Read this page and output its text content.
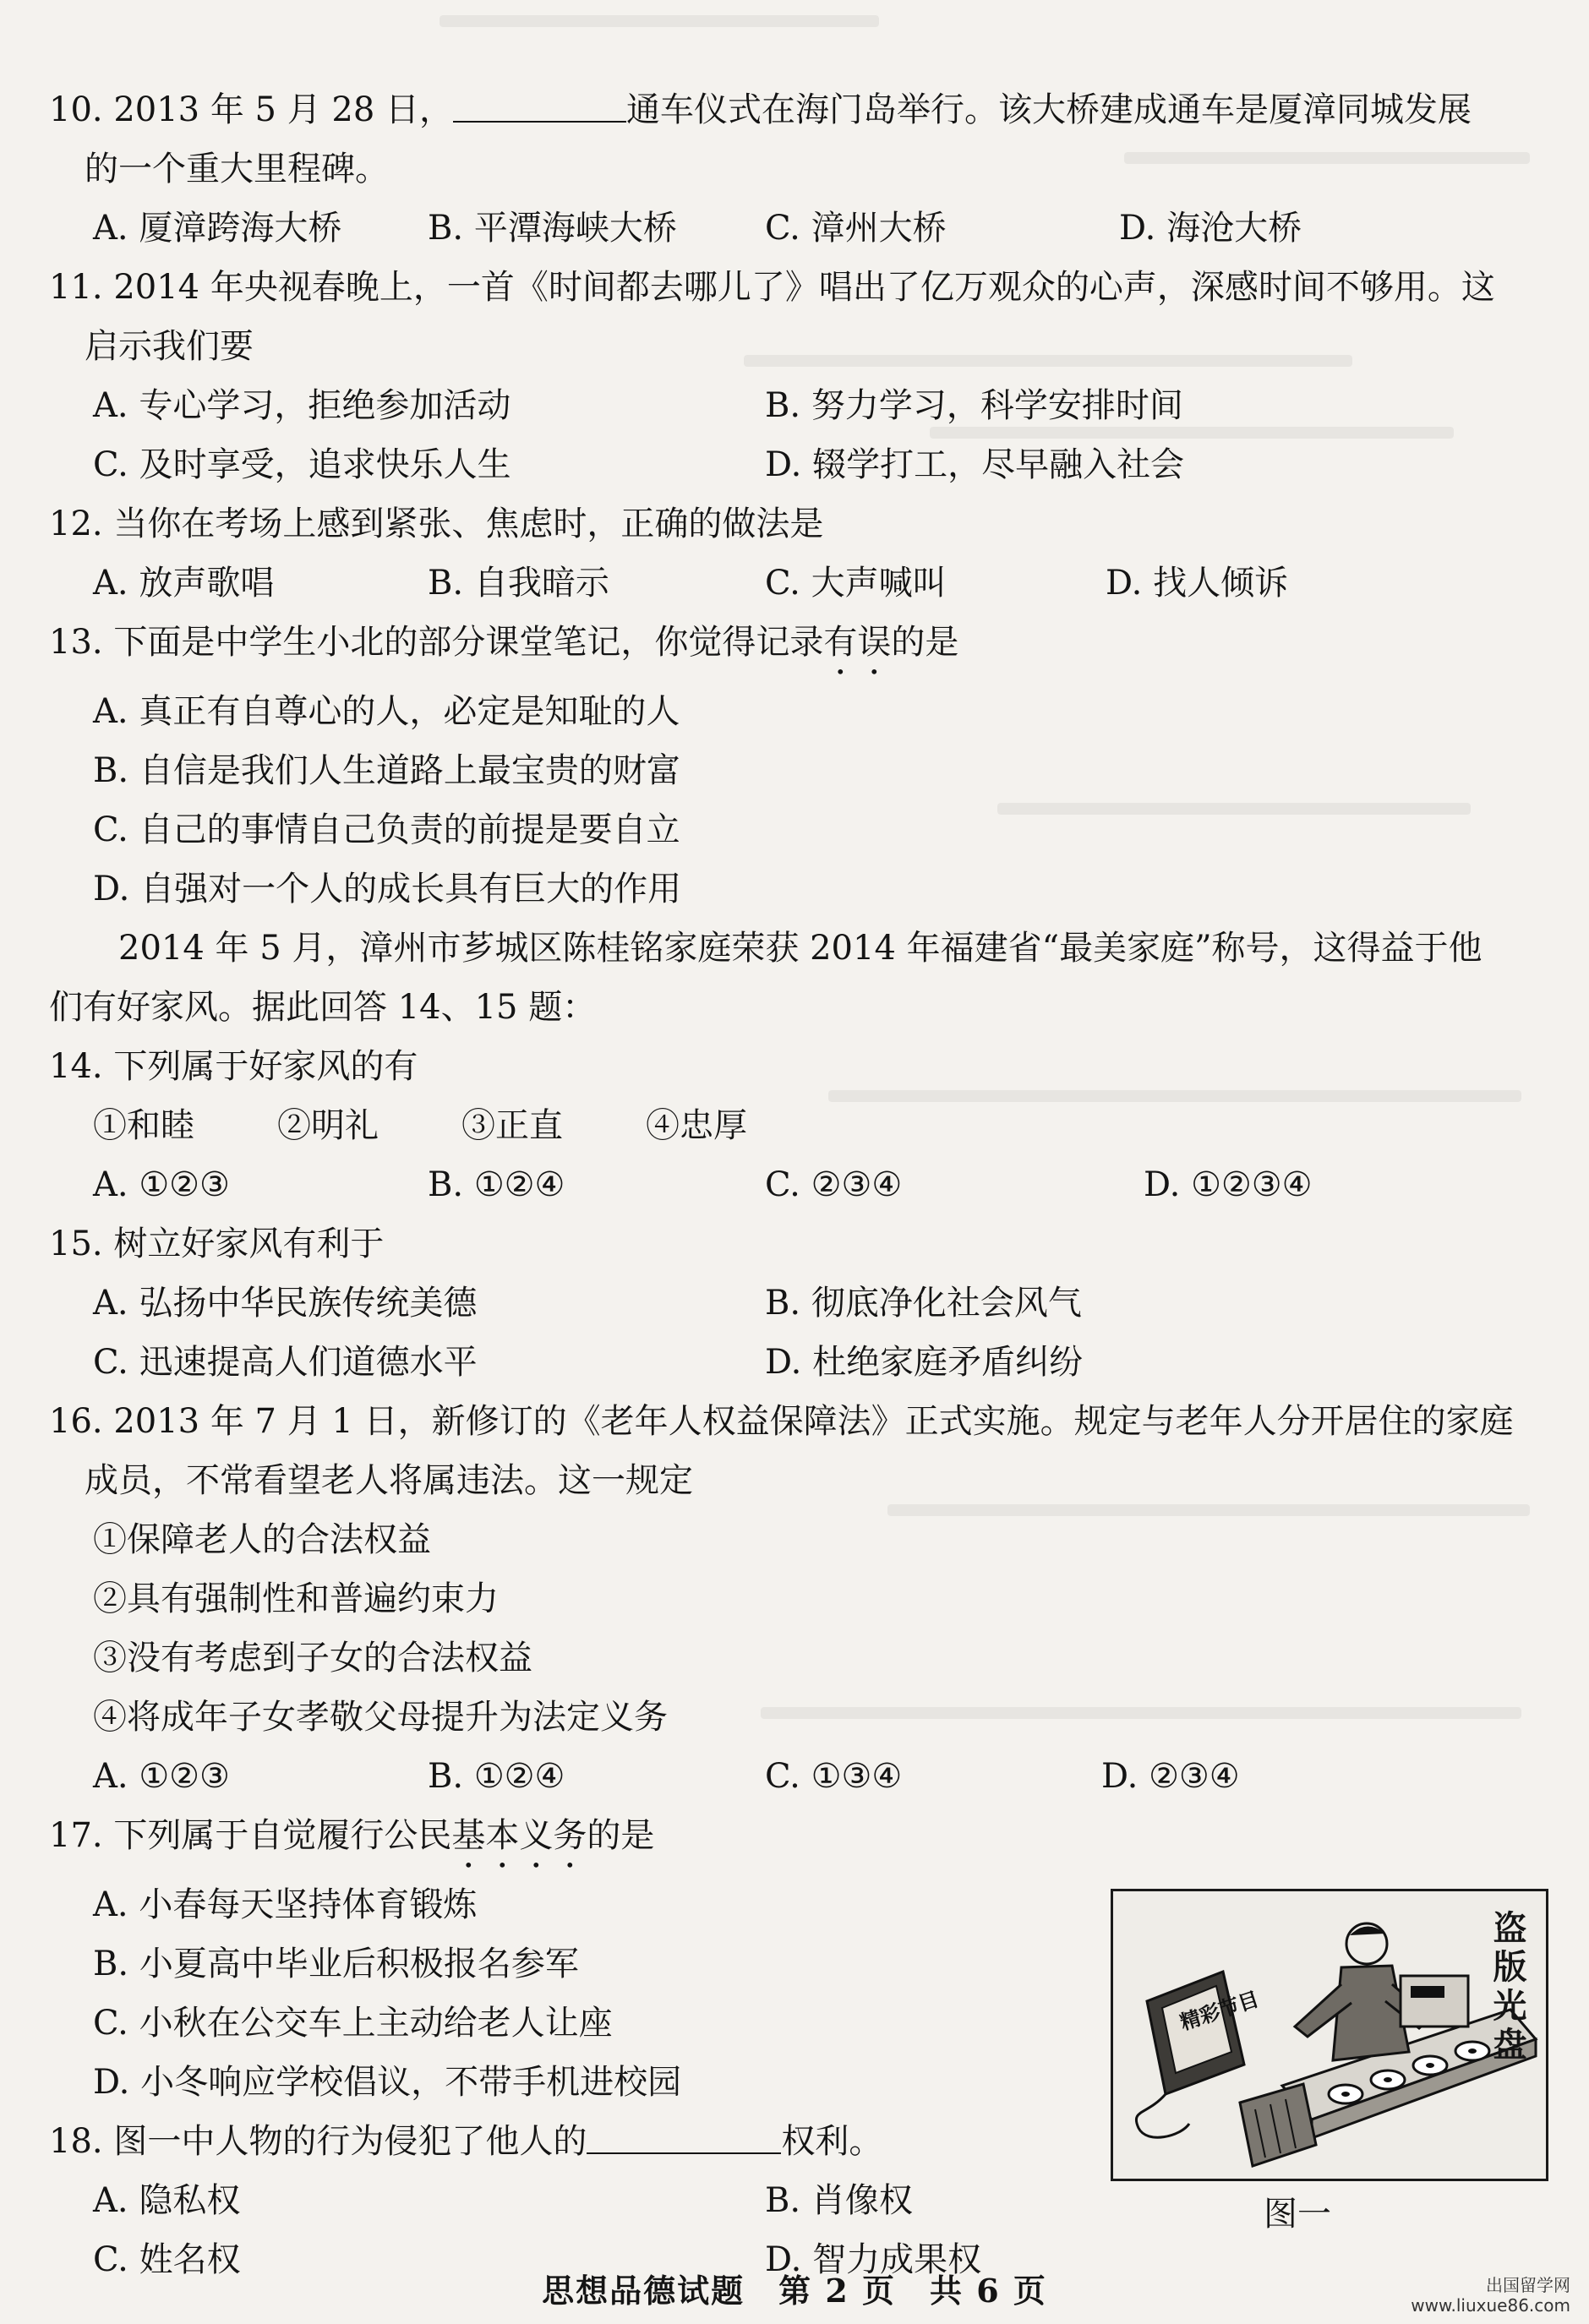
10. 2013 年 5 月 28 日，	通车仪式在海门岛举行。该大桥建成通车是厦漳同城发展

的一个重大里程碑。

A. 厦漳跨海大桥	B. 平潭海峡大桥	C. 漳州大桥	D. 海沧大桥

11. 2014 年央视春晚上，一首《时间都去哪儿了》唱出了亿万观众的心声，深感时间不够用。这

启示我们要

A. 专心学习，拒绝参加活动	B. 努力学习，科学安排时间
C. 及时享受，追求快乐人生	D. 辍学打工，尽早融入社会

12. 当你在考场上感到紧张、焦虑时，正确的做法是

A. 放声歌唱	B. 自我暗示	C. 大声喊叫	D. 找人倾诉

13. 下面是中学生小北的部分课堂笔记，你觉得记录有误的是

A. 真正有自尊心的人，必定是知耻的人
B. 自信是我们人生道路上最宝贵的财富
C. 自己的事情自己负责的前提是要自立
D. 自强对一个人的成长具有巨大的作用

2014 年 5 月，漳州市芗城区陈桂铭家庭荣获 2014 年福建省“最美家庭”称号，这得益于他

们有好家风。据此回答 14、15 题：

14. 下列属于好家风的有

①和睦 ②明礼 ③正直 ④忠厚
A. ①②③	B. ①②④	C. ②③④	D. ①②③④

15. 树立好家风有利于

A. 弘扬中华民族传统美德	B. 彻底净化社会风气
C. 迅速提高人们道德水平	D. 杜绝家庭矛盾纠纷

16. 2013 年 7 月 1 日，新修订的《老年人权益保障法》正式实施。规定与老年人分开居住的家庭

成员，不常看望老人将属违法。这一规定

①保障老人的合法权益
②具有强制性和普遍约束力
③没有考虑到子女的合法权益
④将成年子女孝敬父母提升为法定义务
A. ①②③	B. ①②④	C. ①③④	D. ②③④

17. 下列属于自觉履行公民基本义务的是

A. 小春每天坚持体育锻炼
B. 小夏高中毕业后积极报名参军
C. 小秋在公交车上主动给老人让座
D. 小冬响应学校倡议，不带手机进校园

18. 图一中人物的行为侵犯了他人的	权利。

A. 隐私权	B. 肖像权
C. 姓名权	D. 智力成果权
精彩节目	盗版光盘
图一
思想品德试题　第 2 页　共 6 页	出国留学网
www.liuxue86.com
